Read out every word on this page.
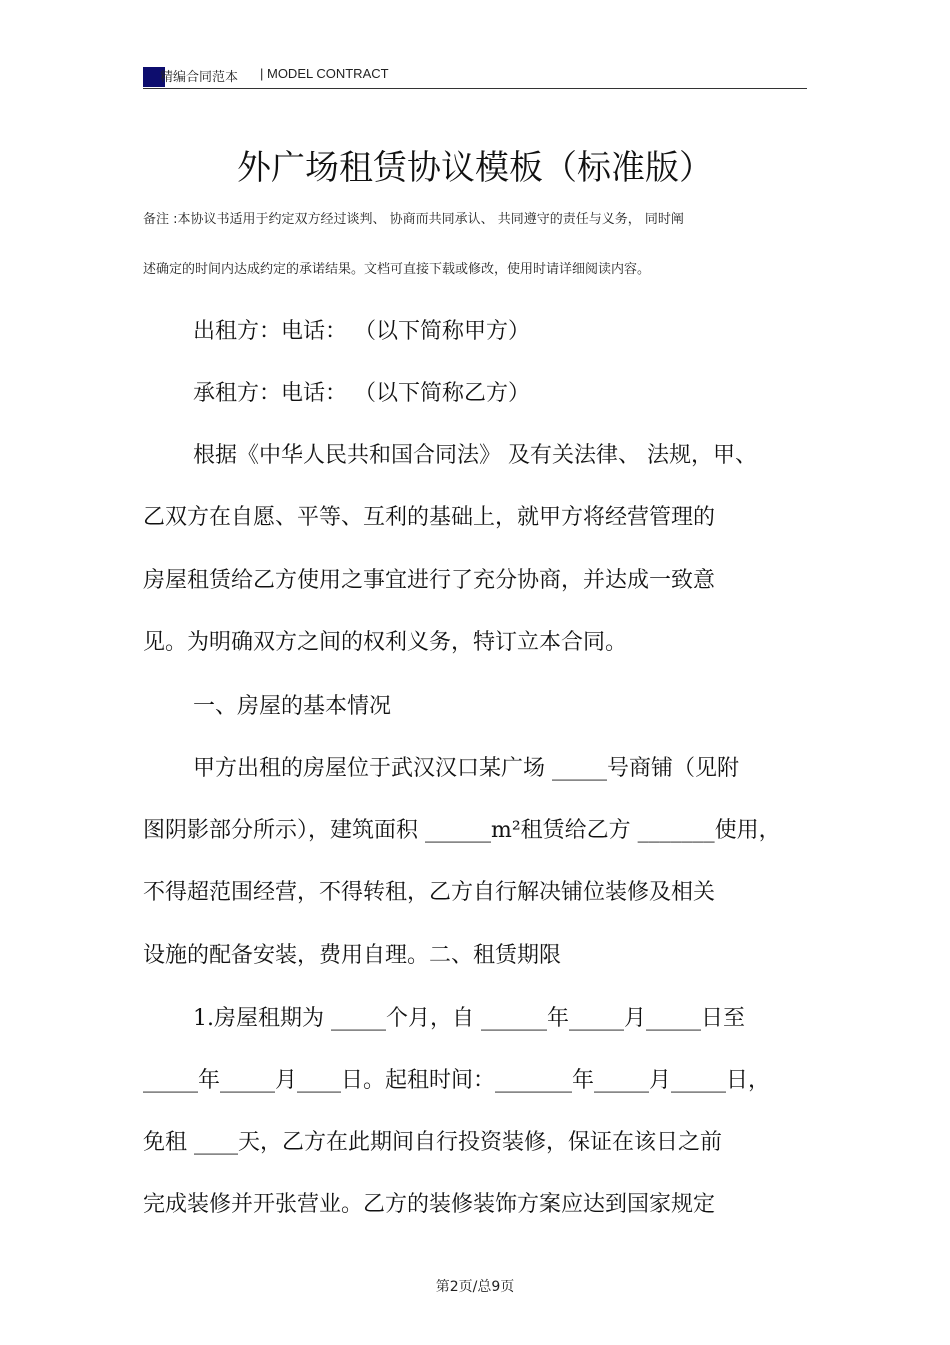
精编合同范本 | MODEL CONTRACT
外广场租赁协议模板（标准版）
备注 :本协议书适用于约定双方经过谈判、 协商而共同承认、 共同遵守的责任与义务， 同时阐
述确定的时间内达成约定的承诺结果。文档可直接下载或修改，使用时请详细阅读内容。
出租方：电话： （以下简称甲方）
承租方：电话： （以下简称乙方）
根据《中华人民共和国合同法》 及有关法律、 法规，甲、
乙双方在自愿、平等、互利的基础上，就甲方将经营管理的
房屋租赁给乙方使用之事宜进行了充分协商，并达成一致意
见。为明确双方之间的权利义务，特订立本合同。
一、房屋的基本情况
甲方出租的房屋位于武汉汉口某广场 _____号商铺（见附
图阴影部分所示），建筑面积 ______m²租赁给乙方 _______使用，
不得超范围经营，不得转租，乙方自行解决铺位装修及相关
设施的配备安装，费用自理。二、租赁期限
1.房屋租期为 _____个月，自 ______年_____月_____日至
_____年_____月____日。起租时间：_______年_____月_____日，
免租 ____天，乙方在此期间自行投资装修，保证在该日之前
完成装修并开张营业。乙方的装修装饰方案应达到国家规定
第2页/总9页
